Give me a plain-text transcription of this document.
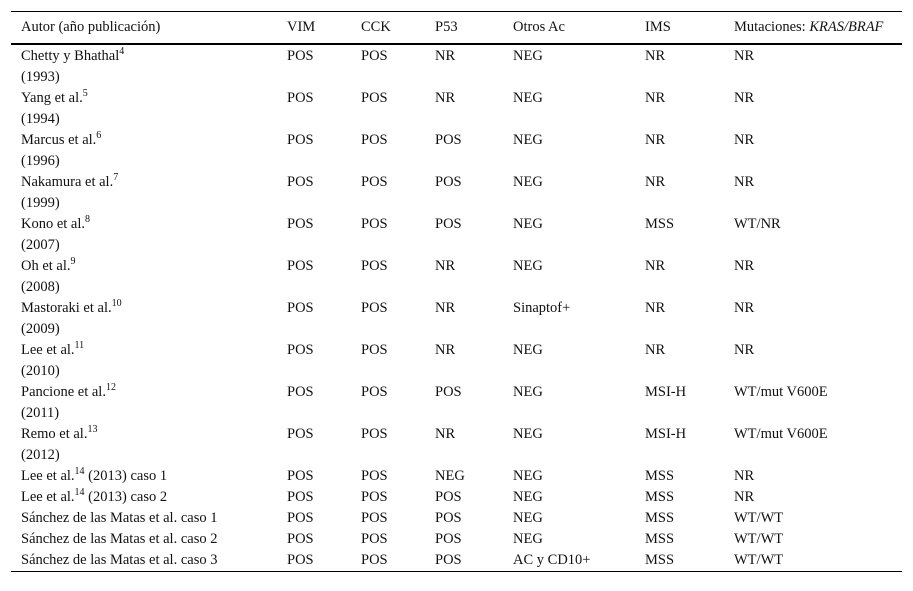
Autor (año publicación)	VIM	CCK	P53	Otros Ac	IMS	Mutaciones: KRAS/BRAF
Chetty y Bhathal$^4$
(1993)	POS	POS	NR	NEG	NR	NR
Yang et al.$^5$
(1994)	POS	POS	NR	NEG	NR	NR
Marcus et al.$^6$
(1996)	POS	POS	POS	NEG	NR	NR
Nakamura et al.$^7$
(1999)	POS	POS	POS	NEG	NR	NR
Kono et al.$^8$
(2007)	POS	POS	POS	NEG	MSS	WT/NR
Oh et al.$^9$
(2008)	POS	POS	NR	NEG	NR	NR
Mastoraki et al.$^{10}$
(2009)	POS	POS	NR	Sinaptof+	NR	NR
Lee et al.$^{11}$
(2010)	POS	POS	NR	NEG	NR	NR
Pancione et al.$^{12}$
(2011)	POS	POS	POS	NEG	MSI-H	WT/mut V600E
Remo et al.$^{13}$
(2012)	POS	POS	NR	NEG	MSI-H	WT/mut V600E
Lee et al.$^{14}$ (2013) caso 1	POS	POS	NEG	NEG	MSS	NR
Lee et al.$^{14}$ (2013) caso 2	POS	POS	POS	NEG	MSS	NR
Sánchez de las Matas et al. caso 1	POS	POS	POS	NEG	MSS	WT/WT
Sánchez de las Matas et al. caso 2	POS	POS	POS	NEG	MSS	WT/WT
Sánchez de las Matas et al. caso 3	POS	POS	POS	AC y CD10+	MSS	WT/WT
